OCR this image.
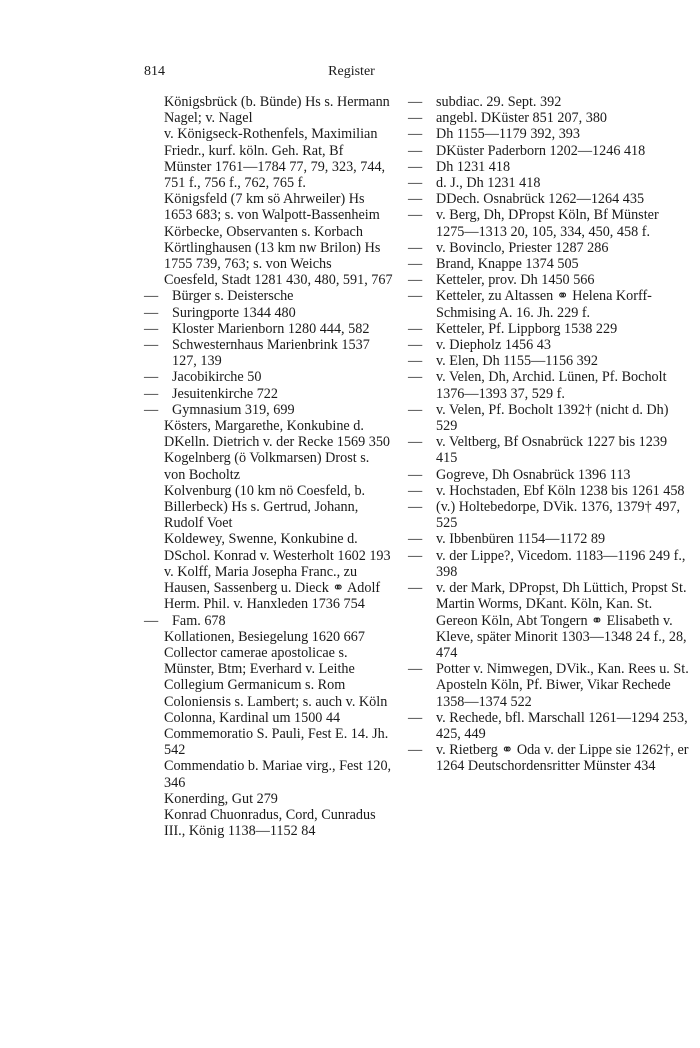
814	Register
Königsbrück (b. Bünde) Hs s. Hermann Nagel; v. Nagel
v. Königseck-Rothenfels, Maximilian Friedr., kurf. köln. Geh. Rat, Bf Münster 1761—1784 77, 79, 323, 744, 751 f., 756 f., 762, 765 f.
Königsfeld (7 km sö Ahrweiler) Hs 1653 683; s. von Walpott-Bassenheim
Körbecke, Observanten s. Korbach
Körtlinghausen (13 km nw Brilon) Hs 1755 739, 763; s. von Weichs
Coesfeld, Stadt 1281 430, 480, 591, 767
— Bürger s. Deistersche
— Suringporte 1344 480
— Kloster Marienborn 1280 444, 582
— Schwesternhaus Marienbrink 1537 127, 139
— Jacobikirche 50
— Jesuitenkirche 722
— Gymnasium 319, 699
Kösters, Margarethe, Konkubine d. DKelln. Dietrich v. der Recke 1569 350
Kogelnberg (ö Volkmarsen) Drost s. von Bocholtz
Kolvenburg (10 km nö Coesfeld, b. Billerbeck) Hs s. Gertrud, Johann, Rudolf Voet
Koldewey, Swenne, Konkubine d. DSchol. Konrad v. Westerholt 1602 193
v. Kolff, Maria Josepha Franc., zu Hausen, Sassenberg u. Dieck ⚭ Adolf Herm. Phil. v. Hanxleden 1736 754
— Fam. 678
Kollationen, Besiegelung 1620 667
Collector camerae apostolicae s. Münster, Btm; Everhard v. Leithe
Collegium Germanicum s. Rom
Coloniensis s. Lambert; s. auch v. Köln
Colonna, Kardinal um 1500 44
Commemoratio S. Pauli, Fest E. 14. Jh. 542
Commendatio b. Mariae virg., Fest 120, 346
Konerding, Gut 279
Konrad Chuonradus, Cord, Cunradus III., König 1138—1152 84
— subdiac. 29. Sept. 392
— angebl. DKüster 851 207, 380
— Dh 1155—1179 392, 393
— DKüster Paderborn 1202—1246 418
— Dh 1231 418
— d. J., Dh 1231 418
— DDech. Osnabrück 1262—1264 435
— v. Berg, Dh, DPropst Köln, Bf Münster 1275—1313 20, 105, 334, 450, 458 f.
— v. Bovinclo, Priester 1287 286
— Brand, Knappe 1374 505
— Ketteler, prov. Dh 1450 566
— Ketteler, zu Altassen ⚭ Helena Korff-Schmising A. 16. Jh. 229 f.
— Ketteler, Pf. Lippborg 1538 229
— v. Diepholz 1456 43
— v. Elen, Dh 1155—1156 392
— v. Velen, Dh, Archid. Lünen, Pf. Bocholt 1376—1393 37, 529 f.
— v. Velen, Pf. Bocholt 1392† (nicht d. Dh) 529
— v. Veltberg, Bf Osnabrück 1227 bis 1239 415
— Gogreve, Dh Osnabrück 1396 113
— v. Hochstaden, Ebf Köln 1238 bis 1261 458
— (v.) Holtebedorpe, DVik. 1376, 1379† 497, 525
— v. Ibbenbüren 1154—1172 89
— v. der Lippe?, Vicedom. 1183—1196 249 f., 398
— v. der Mark, DPropst, Dh Lüttich, Propst St. Martin Worms, DKant. Köln, Kan. St. Gereon Köln, Abt Tongern ⚭ Elisabeth v. Kleve, später Minorit 1303—1348 24 f., 28, 474
— Potter v. Nimwegen, DVik., Kan. Rees u. St. Aposteln Köln, Pf. Biwer, Vikar Rechede 1358—1374 522
— v. Rechede, bfl. Marschall 1261—1294 253, 425, 449
— v. Rietberg ⚭ Oda v. der Lippe sie 1262†, er 1264 Deutschordensritter Münster 434
